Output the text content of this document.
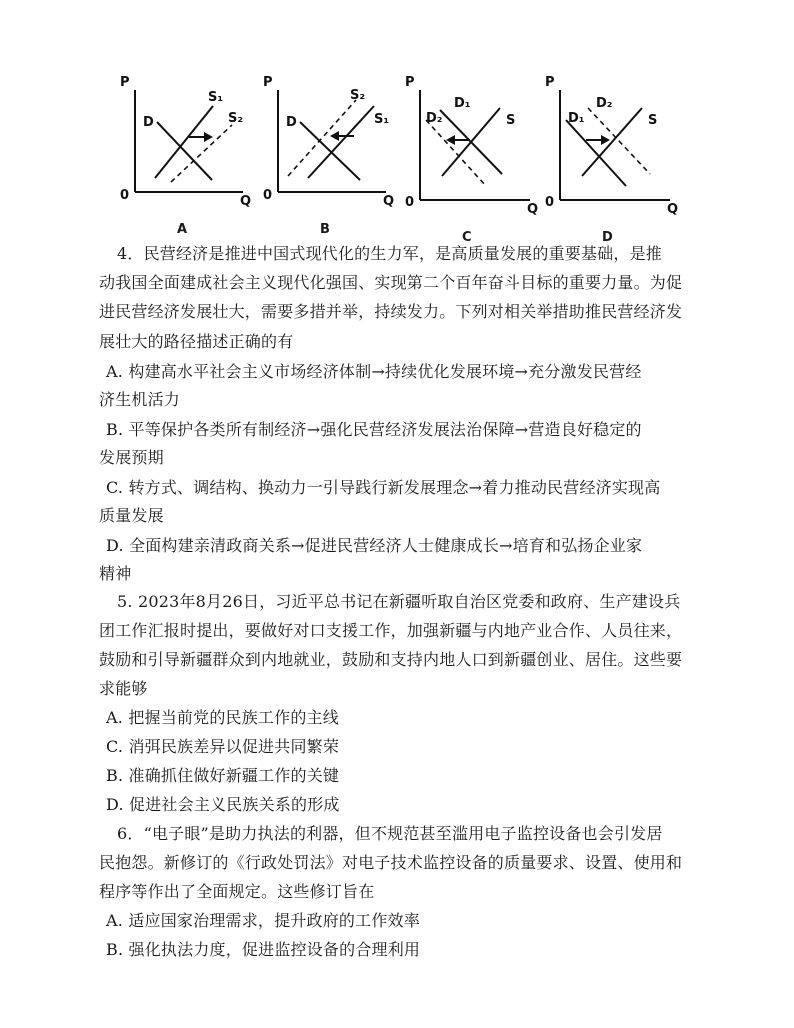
P
0	Q
D
S₁
S₂
A
P
0	Q
D	S₁
S₂
B
P
0	Q
D₁
D₂	S
C
P
0	Q
D₁
D₂
S
D
4．民营经济是推进中国式现代化的生力军，是高质量发展的重要基础，是推
动我国全面建成社会主义现代化强国、实现第二个百年奋斗目标的重要力量。为促
进民营经济发展壮大，需要多措并举，持续发力。下列对相关举措助推民营经济发
展壮大的路径描述正确的有
A. 构建高水平社会主义市场经济体制→持续优化发展环境→充分激发民营经
济生机活力
B. 平等保护各类所有制经济→强化民营经济发展法治保障→营造良好稳定的
发展预期
C. 转方式、调结构、换动力一引导践行新发展理念→着力推动民营经济实现高
质量发展
D. 全面构建亲清政商关系→促进民营经济人士健康成长→培育和弘扬企业家
精神
5. 2023年8月26日，习近平总书记在新疆听取自治区党委和政府、生产建设兵
团工作汇报时提出，要做好对口支援工作，加强新疆与内地产业合作、人员往来，
鼓励和引导新疆群众到内地就业，鼓励和支持内地人口到新疆创业、居住。这些要
求能够
A. 把握当前党的民族工作的主线
C. 消弭民族差异以促进共同繁荣
B. 准确抓住做好新疆工作的关键
D. 促进社会主义民族关系的形成
6．“电子眼”是助力执法的利器，但不规范甚至滥用电子监控设备也会引发居
民抱怨。新修订的《行政处罚法》对电子技术监控设备的质量要求、设置、使用和
程序等作出了全面规定。这些修订旨在
A. 适应国家治理需求，提升政府的工作效率
B. 强化执法力度，促进监控设备的合理利用
